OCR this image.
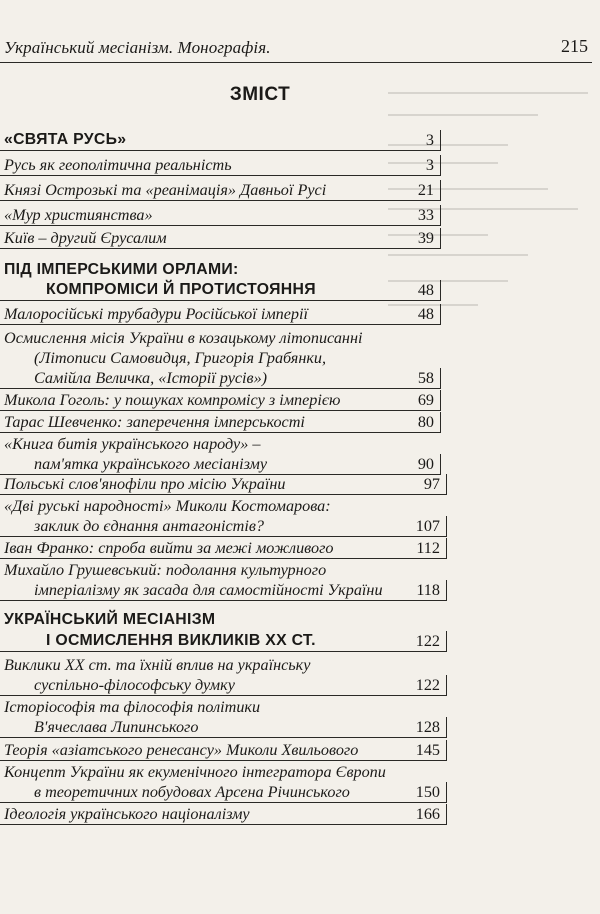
Український месіанізм. Монографія.	215
ЗМІСТ
«СВЯТА РУСЬ»	3
Русь як геополітична реальність	3
Князі Острозькі та «реанімація» Давньої Русі	21
«Мур християнства»	33
Київ – другий Єрусалим	39
ПІД ІМПЕРСЬКИМИ ОРЛАМИ:
КОМПРОМІСИ Й ПРОТИСТОЯННЯ	48
Малоросійські трубадури Російської імперії	48
Осмислення місія України в козацькому літописанні
(Літописи Самовидця, Григорія Грабянки,
Самійла Величка, «Історії русів»)	58
Микола Гоголь: у пошуках компромісу з імперією	69
Тарас Шевченко: заперечення імперськості	80
«Книга битія українського народу» –
пам'ятка українського месіанізму	90
Польські слов'янофіли про місію України	97
«Дві руські народності» Миколи Костомарова:
заклик до єднання антагоністів?	107
Іван Франко: спроба вийти за межі можливого	112
Михайло Грушевський: подолання культурного
імперіалізму як засада для самостійності України 118
УКРАЇНСЬКИЙ МЕСІАНІЗМ
І ОСМИСЛЕННЯ ВИКЛИКІВ ХХ СТ.	122
Виклики ХХ ст. та їхній вплив на українську
суспільно-філософську думку	122
Історіософія та філософія політики
В'ячеслава Липинського	128
Теорія «азіатського ренесансу» Миколи Хвильового	145
Концепт України як екуменічного інтегратора Європи
в теоретичних побудовах Арсена Річинського	150
Ідеологія українського націоналізму	166
